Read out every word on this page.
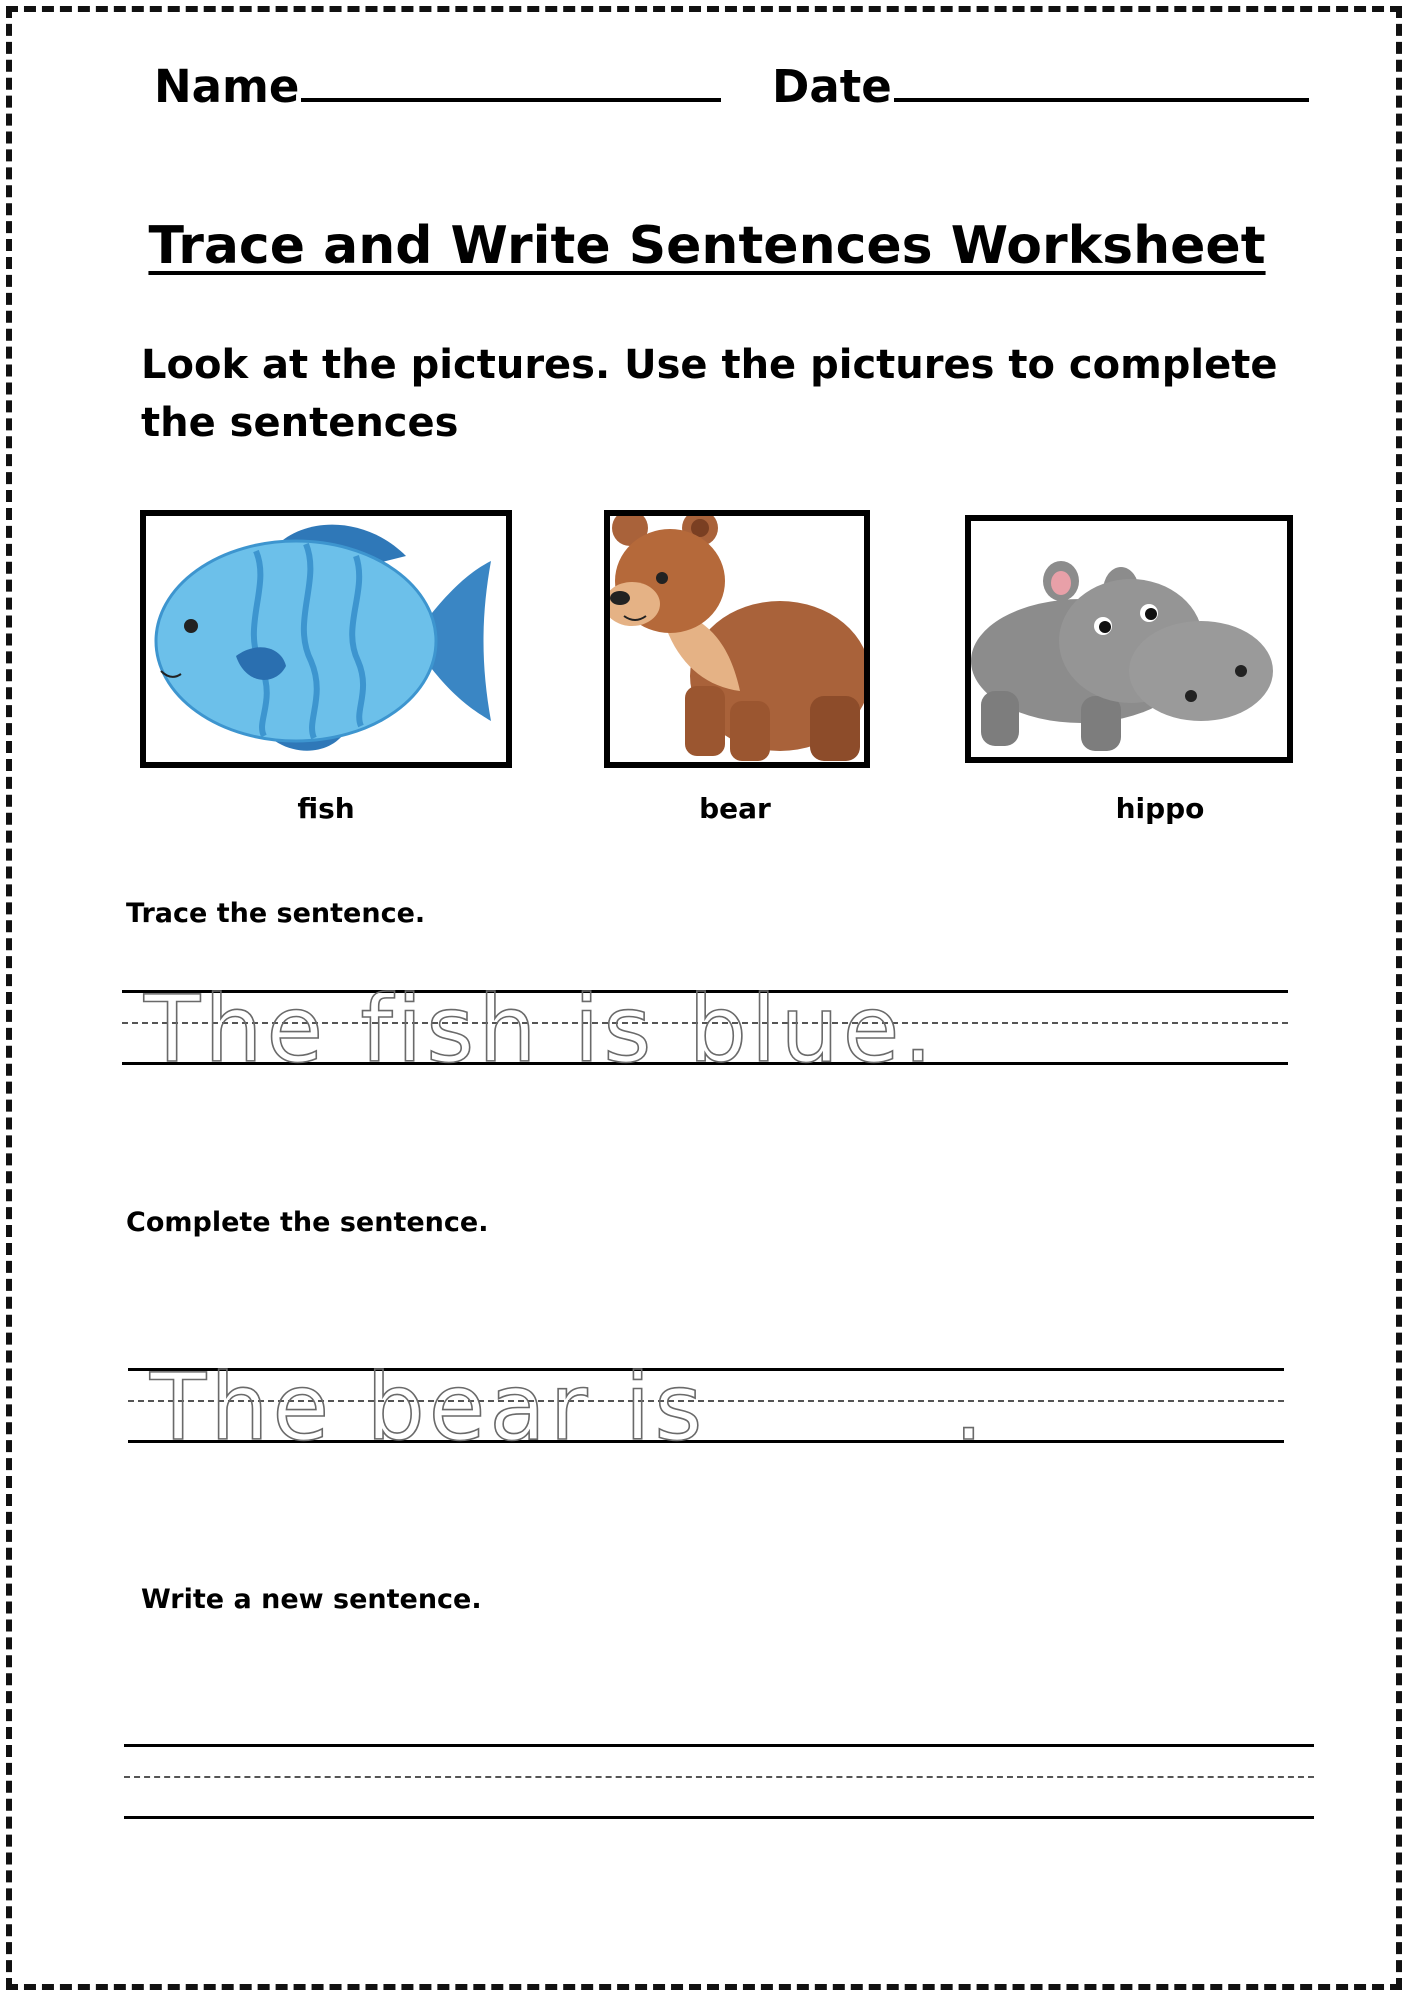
Name	Date
Trace and Write Sentences Worksheet
Look at the pictures. Use the pictures to complete the sentences
fish	bear	hippo
Trace the sentence.
The fish is blue.
Complete the sentence.
The bear is	.
Write a new sentence.
